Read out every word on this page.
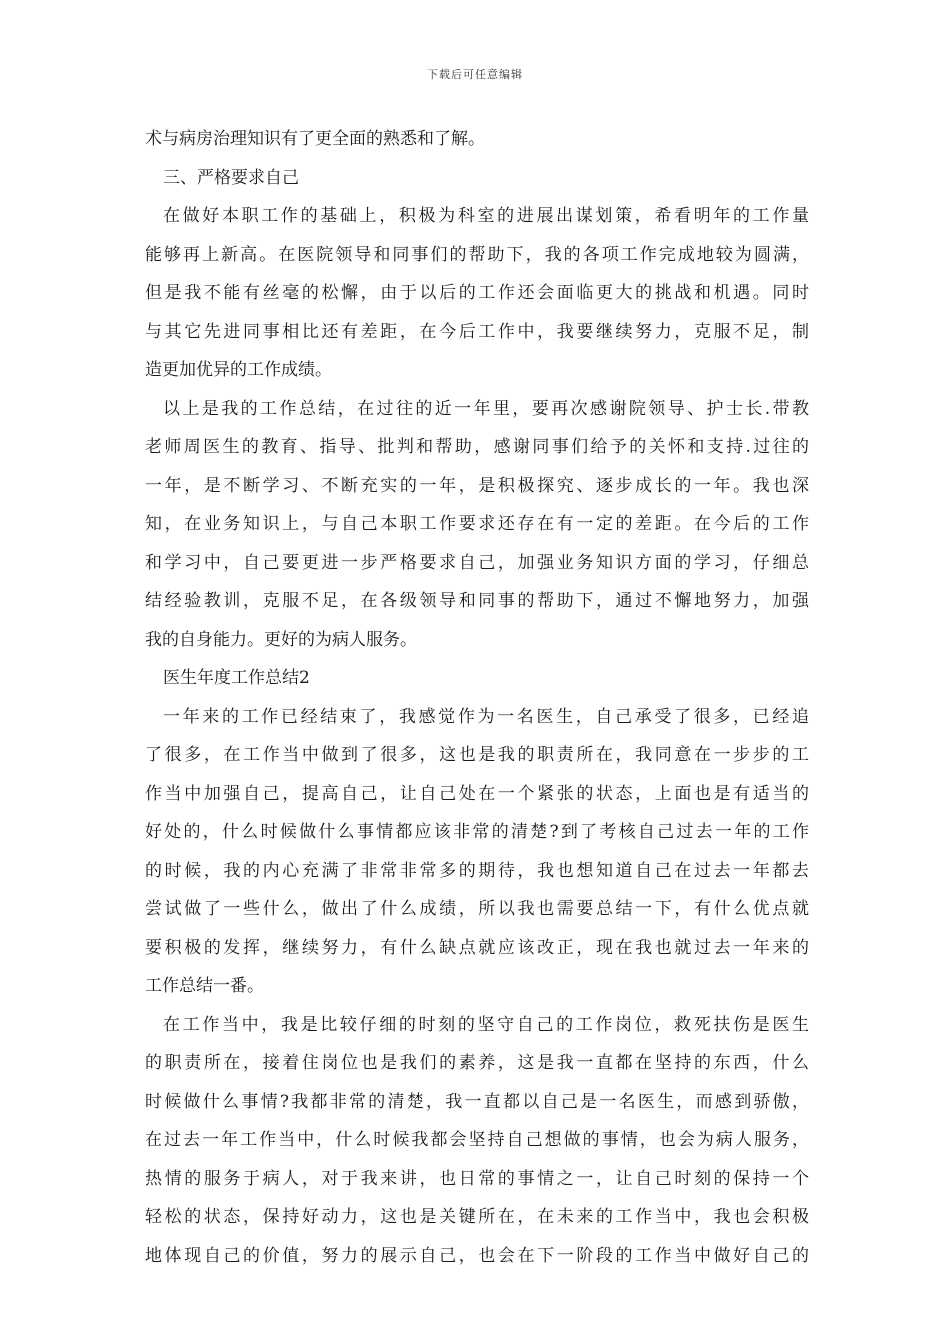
下载后可任意编辑
术与病房治理知识有了更全面的熟悉和了解。
三、严格要求自己
在做好本职工作的基础上，积极为科室的进展出谋划策，希看明年的工作量
能够再上新高。在医院领导和同事们的帮助下，我的各项工作完成地较为圆满，
但是我不能有丝毫的松懈，由于以后的工作还会面临更大的挑战和机遇。同时
与其它先进同事相比还有差距，在今后工作中，我要继续努力，克服不足，制
造更加优异的工作成绩。
以上是我的工作总结，在过往的近一年里，要再次感谢院领导、护士长.带教
老师周医生的教育、指导、批判和帮助，感谢同事们给予的关怀和支持.过往的
一年，是不断学习、不断充实的一年，是积极探究、逐步成长的一年。我也深
知，在业务知识上，与自己本职工作要求还存在有一定的差距。在今后的工作
和学习中，自己要更进一步严格要求自己，加强业务知识方面的学习，仔细总
结经验教训，克服不足，在各级领导和同事的帮助下，通过不懈地努力，加强
我的自身能力。更好的为病人服务。
医生年度工作总结2
一年来的工作已经结束了，我感觉作为一名医生，自己承受了很多，已经追
了很多，在工作当中做到了很多，这也是我的职责所在，我同意在一步步的工
作当中加强自己，提高自己，让自己处在一个紧张的状态，上面也是有适当的
好处的，什么时候做什么事情都应该非常的清楚?到了考核自己过去一年的工作
的时候，我的内心充满了非常非常多的期待，我也想知道自己在过去一年都去
尝试做了一些什么，做出了什么成绩，所以我也需要总结一下，有什么优点就
要积极的发挥，继续努力，有什么缺点就应该改正，现在我也就过去一年来的
工作总结一番。
在工作当中，我是比较仔细的时刻的坚守自己的工作岗位，救死扶伤是医生
的职责所在，接着住岗位也是我们的素养，这是我一直都在坚持的东西，什么
时候做什么事情?我都非常的清楚，我一直都以自己是一名医生，而感到骄傲，
在过去一年工作当中，什么时候我都会坚持自己想做的事情，也会为病人服务，
热情的服务于病人，对于我来讲，也日常的事情之一，让自己时刻的保持一个
轻松的状态，保持好动力，这也是关键所在，在未来的工作当中，我也会积极
地体现自己的价值，努力的展示自己，也会在下一阶段的工作当中做好自己的
